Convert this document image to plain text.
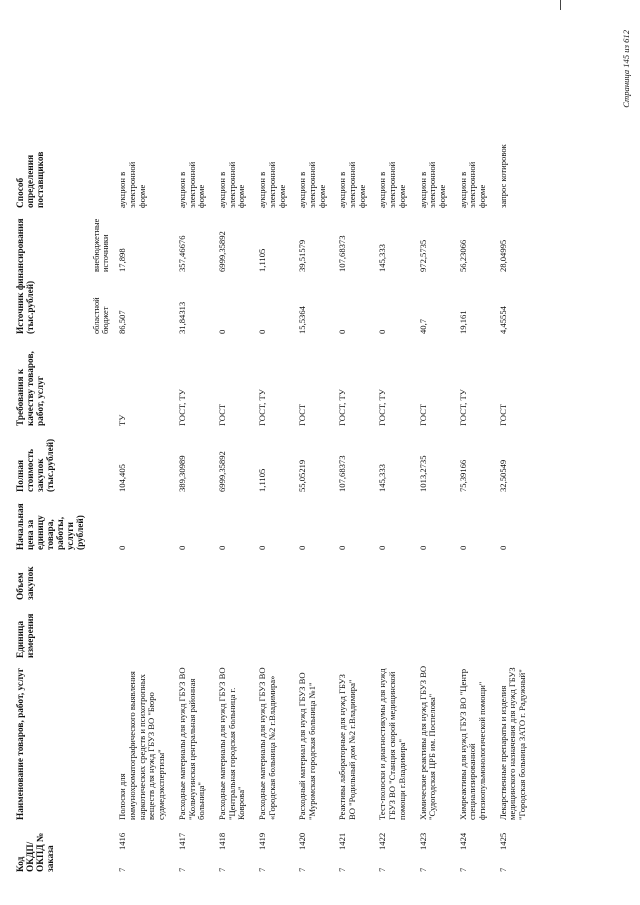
Код ОКДП/ ОКПД № заказа		Наименование товаров, работ, услуг	Единица измерения	Объем закупок	Начальная цена за единицу товара, работы, услуги (рублей)	Полная стоимость закупок (тыс.рублей)	Требования к качеству товаров, работ, услуг	Источник финансирования (тыс.рублей)		Способ определения поставщиков
								областной бюджет	внебюджетные источники	
7	1416	Полоски для иммунохроматографического выявления наркотических средств и психотропных веществ для нужд ГБУЗ ВО "Бюро судмедэкспертизы"			0	104,405	ТУ	86,507	17,898	аукцион в электронной форме
7	1417	Расходные материалы для нужд ГБУЗ ВО "Кольчугинская центральная районная больница"			0	389,30989	ГОСТ, ТУ	31,84313	357,46676	аукцион в электронной форме
7	1418	Расходные материалы для нужд ГБУЗ ВО "Центральная городская больница г. Коврова"			0	6999,35892	ГОСТ	0	6999,35892	аукцион в электронной форме
7	1419	Расходные материалы для нужд ГБУЗ ВО «Городская больница №2 г.Владимира»			0	1,1105	ГОСТ, ТУ	0	1,1105	аукцион в электронной форме
7	1420	Расходный материал для нужд ГБУЗ ВО "Муромская городская больница №1"			0	55,05219	ГОСТ	15,5364	39,51579	аукцион в электронной форме
7	1421	Реактивы лабораторные для нужд ГБУЗ ВО "Родильный дом №2 г.Владимира"			0	107,68373	ГОСТ, ТУ	0	107,68373	аукцион в электронной форме
7	1422	Тест-полоски и диагностикумы для нужд ГБУЗ ВО "Станция скорой медицинской помощи г.Владимира"			0	145,333	ГОСТ, ТУ	0	145,333	аукцион в электронной форме
7	1423	Химические реактивы для нужд ГБУЗ ВО "Судогодская ЦРБ им. Поспелова"			0	1013,2735	ГОСТ	40,7	972,5735	аукцион в электронной форме
7	1424	Химреактивы для нужд ГБУЗ ВО "Центр специализированной фтизиопульмонологической помощи"			0	75,39166	ГОСТ, ТУ	19,161	56,23066	аукцион в электронной форме
7	1425	Лекарственные препараты и изделия медицинского назначения для нужд ГБУЗ "Городская больница ЗАТО г. Радужный"			0	32,50549	ГОСТ	4,45554	28,04995	запрос котировок
Страница 145 из 612
